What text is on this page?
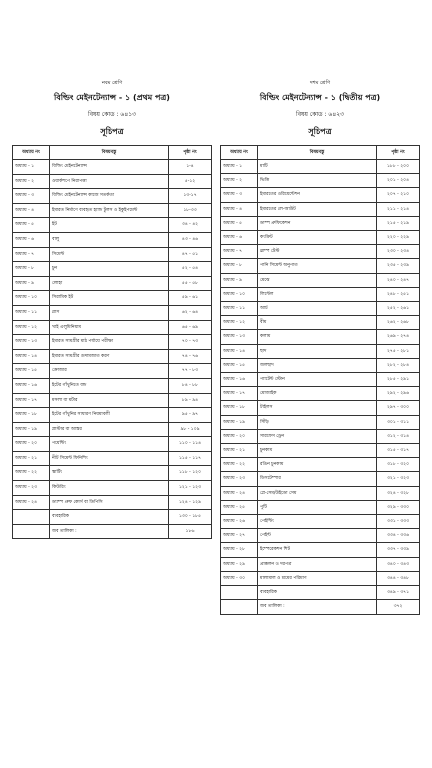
নবম শ্রেণি
বিল্ডিং মেইনটেন্যান্স - ১ (প্রথম পত্র)
বিষয় কোড : ৬৪১৩
সূচিপত্র
অধ্যায় নং	বিষয়বস্তু	পৃষ্ঠা নং
অধ্যায় - ১	বিল্ডিং মেইনটেন্যান্স	১-৪
অধ্যায় - ২	ওয়ার্কশপে নিরাপত্তা	৫-১২
অধ্যায় - ৩	বিল্ডিং মেইনটেন্যান্স কাজে সতর্কতা	১৩-১৭
অধ্যায় - ৪	ইমারত নির্মাণে ব্যবহৃত হ্যান্ড টুলস ও ইকুইপমেন্ট	১৮-৩৩
অধ্যায় - ৫	ইট	৩৪ - ৪২
অধ্যায় - ৬	বালু	৪৩ - ৪৬
অধ্যায় - ৭	সিমেন্ট	৪৭ - ৫১
অধ্যায় - ৮	চুন	৫২ - ৫৪
অধ্যায় - ৯	লোহা	৫৫ - ৫৮
অধ্যায় - ১০	সিরামিক ইট	৫৯ - ৬১
অধ্যায় - ১১	গ্লাস	৬২ - ৬৪
অধ্যায় - ১২	খাই এলুমিনিয়াম	৬৫ - ৬৯
অধ্যায় - ১৩	ইমারত সামগ্রীর মাঠ পর্যায়ে পরীক্ষা	৭০ - ৭৩
অধ্যায় - ১৪	ইমারত সামগ্রীর গুদামজাত করণ	৭৪ - ৭৬
অধ্যায় - ১৫	ক্রোজার	৭৭ - ৮৩
অধ্যায় - ১৬	ইটের গাঁথুনিতে বন্ড	৮৪ - ৮৮
অধ্যায় - ১৭	মসলা বা মর্টার	৮৯ - ৯৪
অধ্যায় - ১৮	ইটের গাঁথুনির সাধারণ নিয়মাবলী	৯৫ - ৯৭
অধ্যায় - ১৯	প্লাস্টার বা আস্তর	৯৮ - ১০৯
অধ্যায় - ২০	পয়েন্টিং	১১০ - ১১৪
অধ্যায় - ২১	নীট সিমেন্ট ফিনিশিং	১১৫ - ১১৭
অধ্যায় - ২২	স্কার্টিং	১১৮ - ১২০
অধ্যায় - ২৩	কিউরিং	১২১ - ১২৩
অধ্যায় - ২৪	ড্যাম্প প্রুফ কোর্স বা ডিপিসি	১২৪ - ১২৯
	ব্যবহারিক	১৩০ - ১৮৫
	জব তালিকা :	১৮৬
দশম শ্রেণি
বিল্ডিং মেইনটেন্যান্স - ১ (দ্বিতীয় পত্র)
বিষয় কোড : ৬৪২৩
সূচিপত্র
অধ্যায় নং	বিষয়বস্তু	পৃষ্ঠা নং
অধ্যায় - ১	মাটি	১৮৮ - ২০০
অধ্যায় - ২	ভিত্তি	২০১ - ২০৪
অধ্যায় - ৩	ইমারতের ওরিয়েন্টেশন	২০৭ - ২১০
অধ্যায় - ৪	ইমারতের লে-আউট	২১১ - ২১৪
অধ্যায় - ৫	ডাম্প প্রুফিকেশন	২১৫ - ২১৯
অধ্যায় - ৬	কংক্রিট	২২০ - ২২৯
অধ্যায় - ৭	স্লাম্প টেস্ট	২৩০ - ২৩৪
অধ্যায় - ৮	পানি সিমেন্ট অনুপাত	২৩৫ - ২৩৯
অধ্যায় - ৯	মেঝে	২৪০ - ২৪৭
অধ্যায় - ১০	লিন্টেল	২৪৮ - ২৫১
অধ্যায় - ১১	আর্চ	২৫২ - ২৬১
অধ্যায় - ১২	বীম	২৬২ - ২৬৮
অধ্যায় - ১৩	কলাম	২৬৯ - ২৭৪
অধ্যায় - ১৪	ছাদ	২৭৫ - ২৮১
অধ্যায় - ১৫	জলছাদ	২৮২ - ২৮৪
অধ্যায় - ১৬	প্যাটেন্ট স্টোন	২৮৫ - ২৯১
অধ্যায় - ১৭	মোজাইক	২৯২ - ২৯৬
অধ্যায় - ১৮	টাইলস	২৯৭ - ৩০০
অধ্যায় - ১৯	সিঁড়ি	৩০১ - ৩১১
অধ্যায় - ২০	সারফেস ড্রেন	৩১২ - ৩১৪
অধ্যায় - ২১	চুনকাম	৩১৫ - ৩১৭
অধ্যায় - ২২	রঙিন চুনকাম	৩১৮ - ৩২০
অধ্যায় - ২৩	ডিসটেম্পার	৩২১ - ৩২৩
অধ্যায় - ২৪	প্লে-সেম/উইডো সেম	৩২৪ - ৩২৮
অধ্যায় - ২৫	পুটি	৩২৯ - ৩৩০
অধ্যায় - ২৬	পেইন্টিং	৩৩১ - ৩৩৩
অধ্যায় - ২৭	পেইন্ট	৩৩৪ - ৩৩৬
অধ্যায় - ২৮	ইম্পেরেকশন শিট	৩৩৭ - ৩৩৯
অধ্যায় - ২৯	প্রাক্কলন ও দরপত্র	৩৪০ - ৩৪৩
অধ্যায় - ৩০	মালামাল ও শ্রমের পরিমাণ	৩৪৪ - ৩৪৮
	ব্যবহারিক	৩৪৯ - ৩৭১
	জব তালিকা :	৩৭২
